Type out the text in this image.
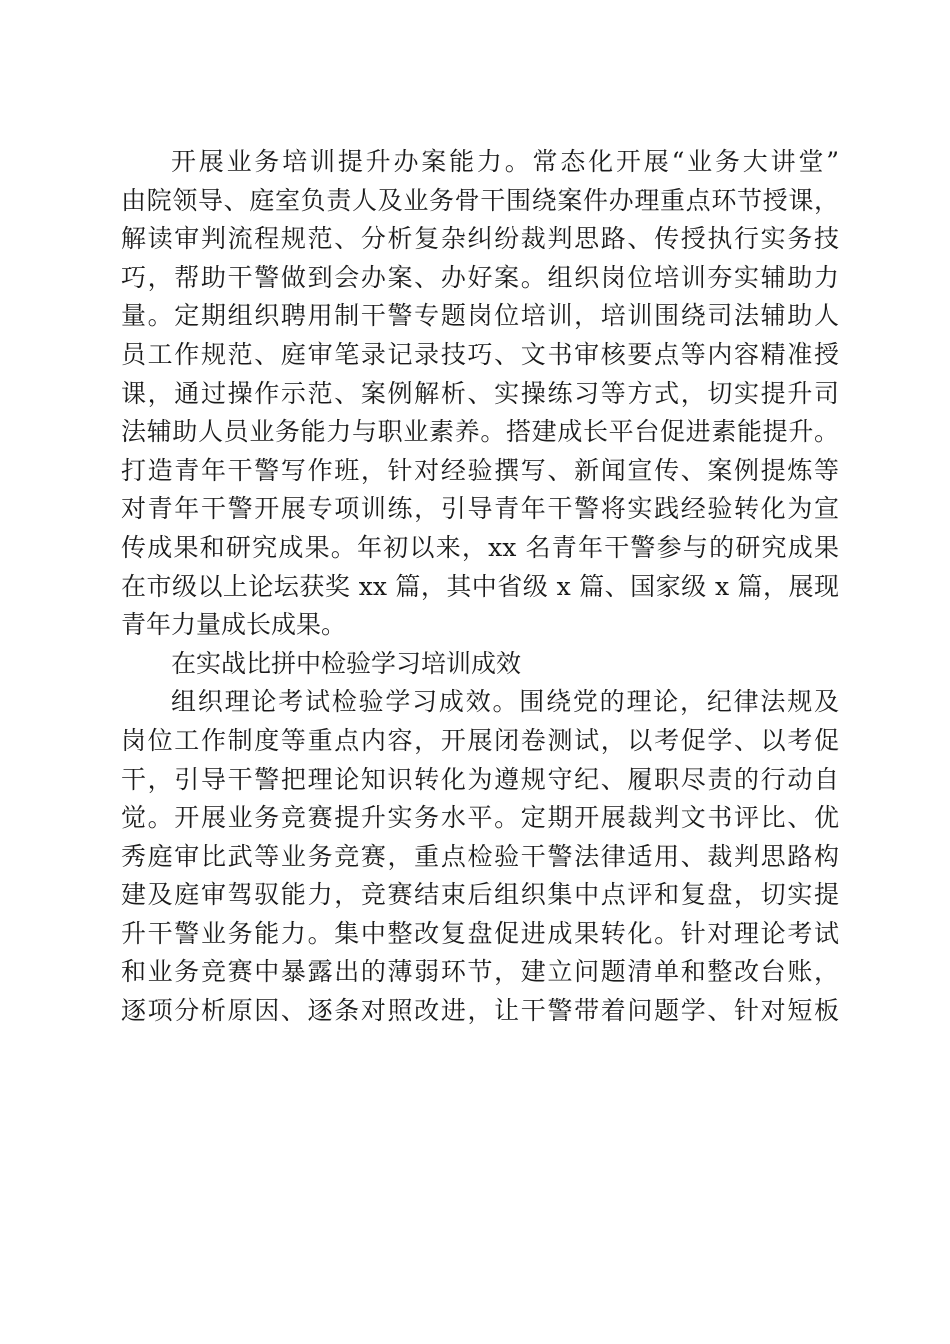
开展业务培训提升办案能力。常态化开展“业务大讲堂”
由院领导、庭室负责人及业务骨干围绕案件办理重点环节授课，
解读审判流程规范、分析复杂纠纷裁判思路、传授执行实务技
巧，帮助干警做到会办案、办好案。组织岗位培训夯实辅助力
量。定期组织聘用制干警专题岗位培训，培训围绕司法辅助人
员工作规范、庭审笔录记录技巧、文书审核要点等内容精准授
课，通过操作示范、案例解析、实操练习等方式，切实提升司
法辅助人员业务能力与职业素养。搭建成长平台促进素能提升。
打造青年干警写作班，针对经验撰写、新闻宣传、案例提炼等
对青年干警开展专项训练，引导青年干警将实践经验转化为宣
传成果和研究成果。年初以来，xx 名青年干警参与的研究成果
在市级以上论坛获奖 xx 篇，其中省级 x 篇、国家级 x 篇，展现
青年力量成长成果。
在实战比拼中检验学习培训成效
组织理论考试检验学习成效。围绕党的理论，纪律法规及
岗位工作制度等重点内容，开展闭卷测试，以考促学、以考促
干，引导干警把理论知识转化为遵规守纪、履职尽责的行动自
觉。开展业务竞赛提升实务水平。定期开展裁判文书评比、优
秀庭审比武等业务竞赛，重点检验干警法律适用、裁判思路构
建及庭审驾驭能力，竞赛结束后组织集中点评和复盘，切实提
升干警业务能力。集中整改复盘促进成果转化。针对理论考试
和业务竞赛中暴露出的薄弱环节，建立问题清单和整改台账，
逐项分析原因、逐条对照改进，让干警带着问题学、针对短板
